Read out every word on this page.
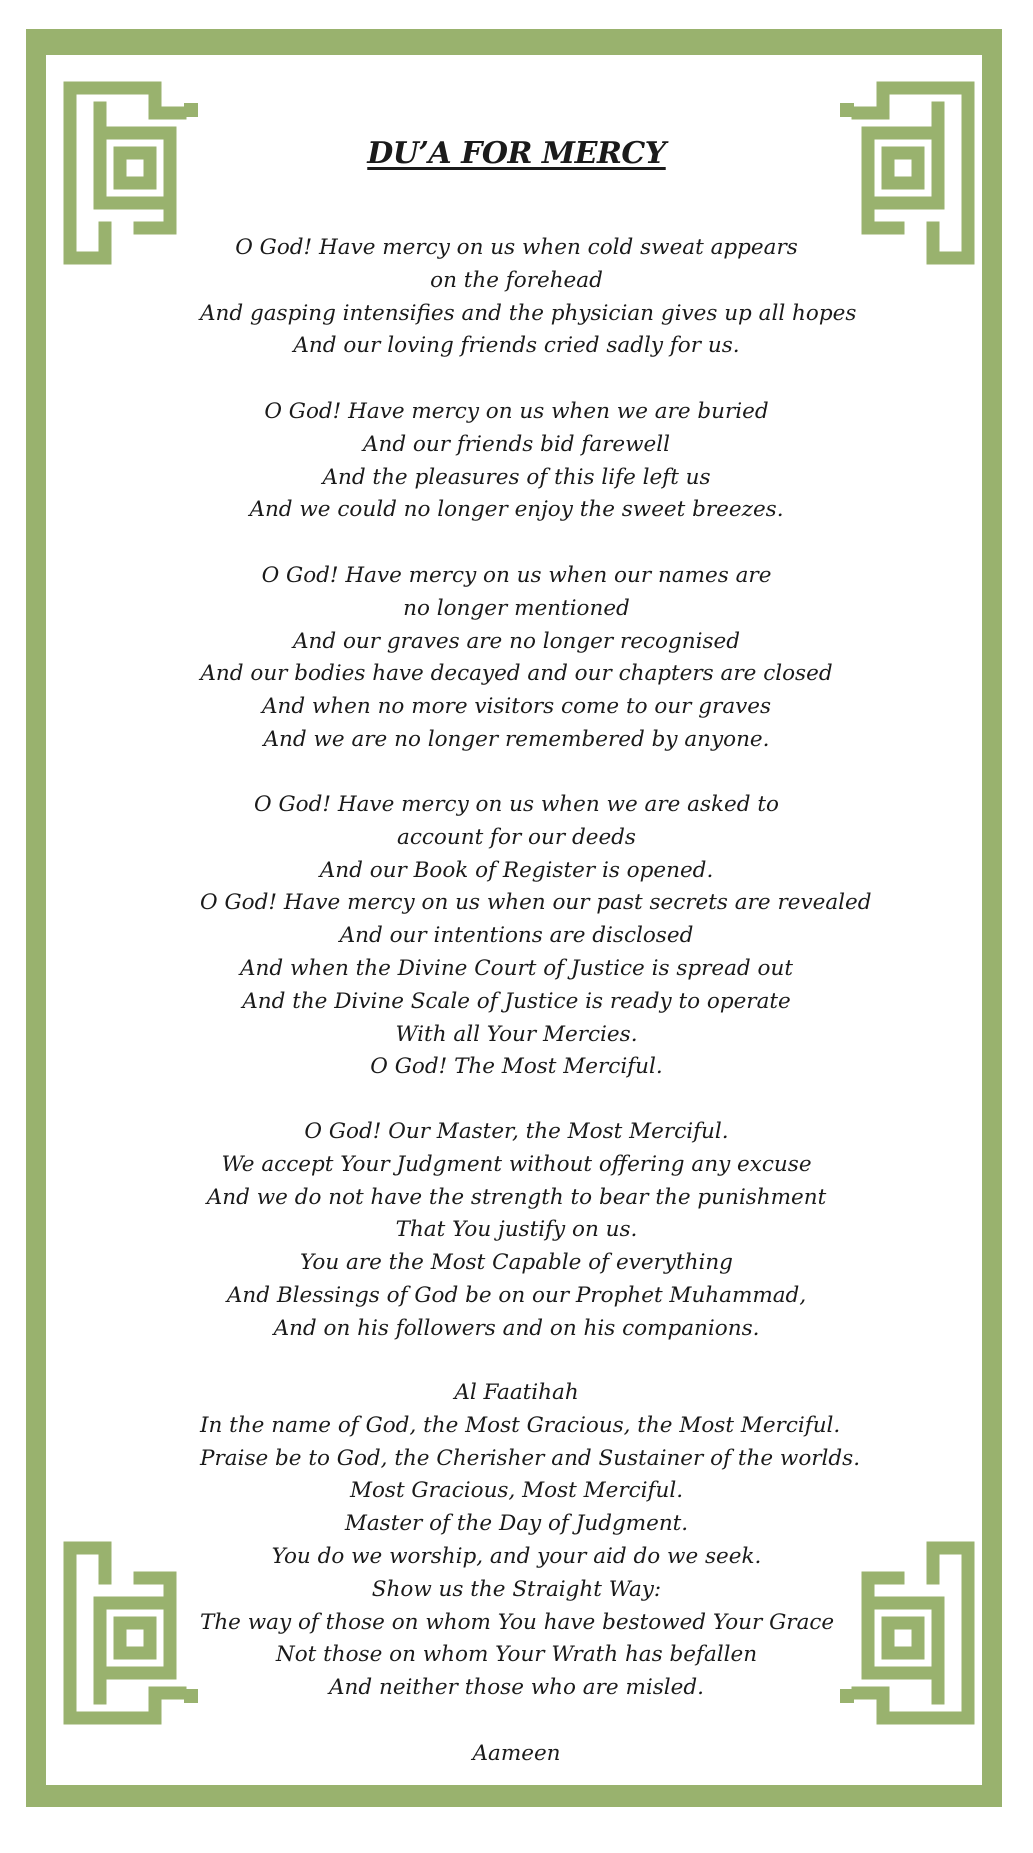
DU’A FOR MERCY
O God! Have mercy on us when cold sweat appears
on the forehead
And gasping intensifies and the physician gives up all hopes
And our loving friends cried sadly for us.
O God! Have mercy on us when we are buried
And our friends bid farewell
And the pleasures of this life left us
And we could no longer enjoy the sweet breezes.
O God! Have mercy on us when our names are
no longer mentioned
And our graves are no longer recognised
And our bodies have decayed and our chapters are closed
And when no more visitors come to our graves
And we are no longer remembered by anyone.
O God! Have mercy on us when we are asked to
account for our deeds
And our Book of Register is opened.
O God! Have mercy on us when our past secrets are revealed
And our intentions are disclosed
And when the Divine Court of Justice is spread out
And the Divine Scale of Justice is ready to operate
With all Your Mercies.
O God! The Most Merciful.
O God! Our Master, the Most Merciful.
We accept Your Judgment without offering any excuse
And we do not have the strength to bear the punishment
That You justify on us.
You are the Most Capable of everything
And Blessings of God be on our Prophet Muhammad,
And on his followers and on his companions.
Al Faatihah
In the name of God, the Most Gracious, the Most Merciful.
Praise be to God, the Cherisher and Sustainer of the worlds.
Most Gracious, Most Merciful.
Master of the Day of Judgment.
You do we worship, and your aid do we seek.
Show us the Straight Way:
The way of those on whom You have bestowed Your Grace
Not those on whom Your Wrath has befallen
And neither those who are misled.
Aameen
